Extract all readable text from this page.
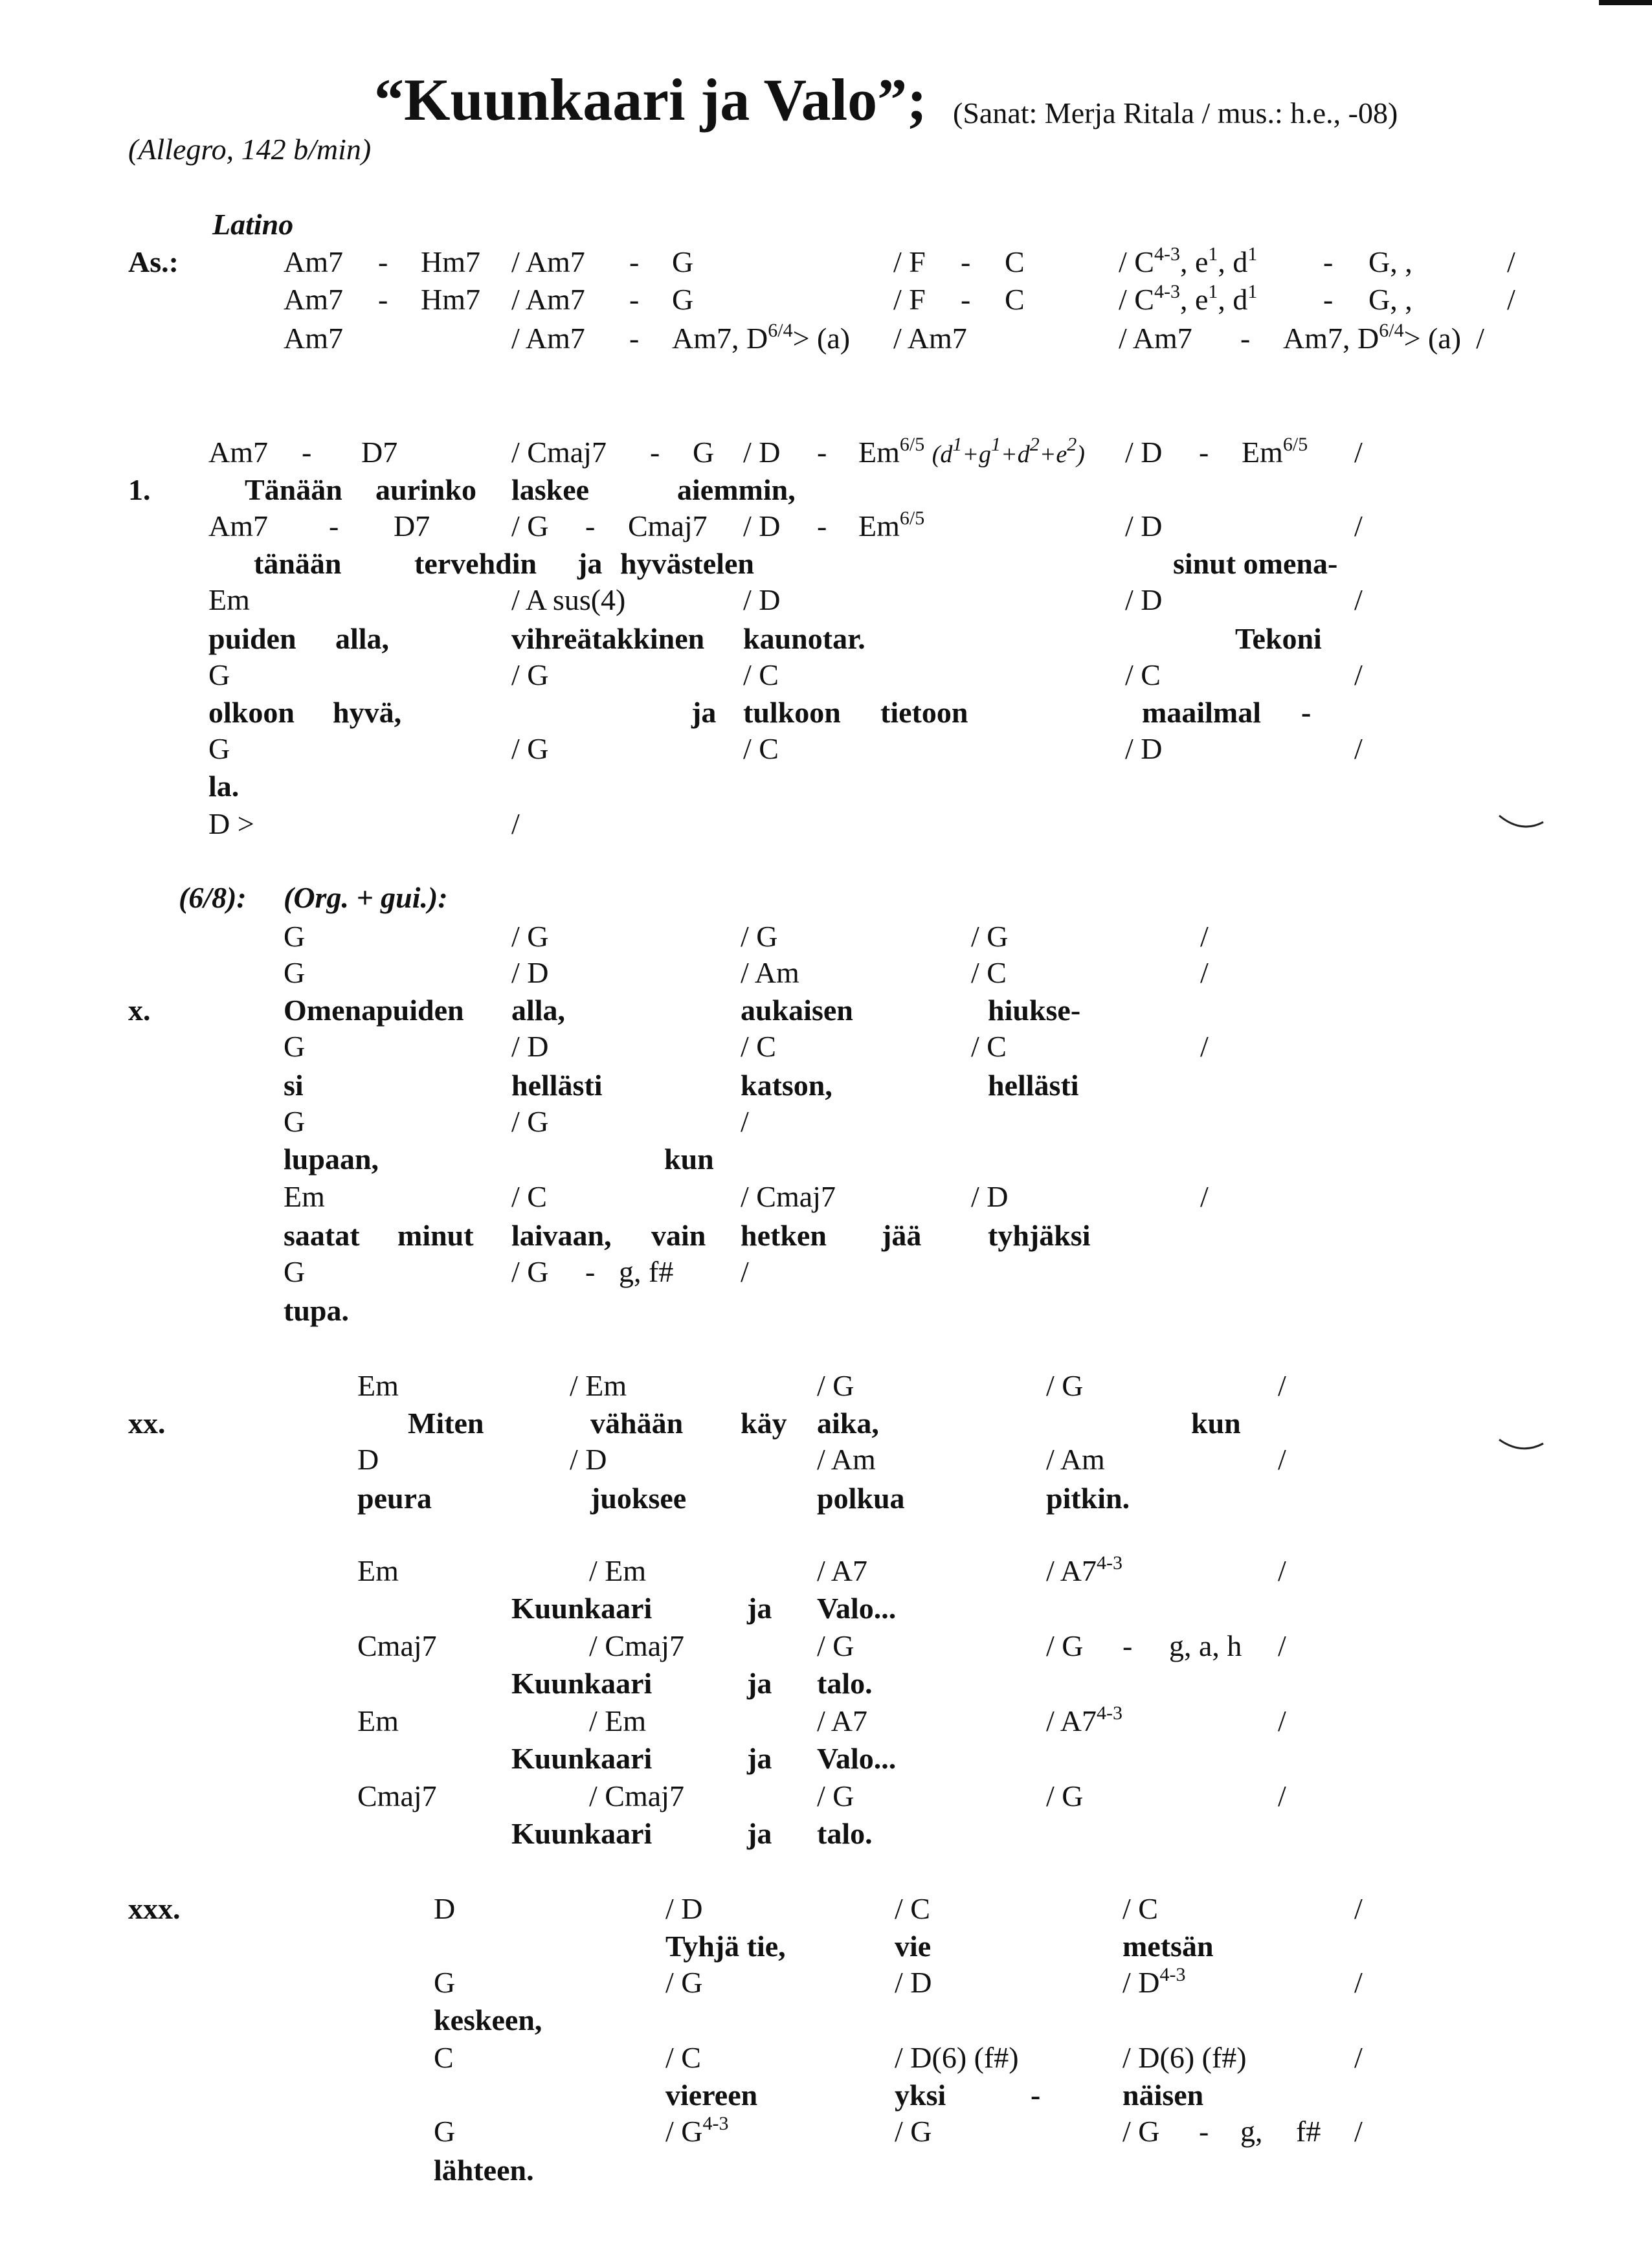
“Kuunkaari ja Valo”; (Sanat: Merja Ritala / mus.: h.e., -08)
(Allegro, 142 b/min)
Latino
As.:	Am7 - Hm7 / Am7 - G	/ F - C	/ $C^{4-3}$, $e^1$, $d^1$ - G, ,	/
Am7 - Hm7 / Am7 - G	/ F - C	/ $C^{4-3}$, $e^1$, $d^1$ - G, ,	/
Am7	/ Am7 - Am7, $D^{6/4}> (a) / Am7$	/ Am7 - Am7, $D^{6/4}> (a)$  /
Am7 - D7	/ Cmaj7 - G / D - $Em^{6/5}$ $(d^1+g^1+d^2+e^2) / D - Em^{6/5}$ /
1.	Tänään aurinko laskee	aiemmin,
Am7 - D7	/ G - Cmaj7 / D - $Em^{6/5}$	/ D	/
tänään tervehdin ja hyvästelen	sinut omena-
Em	/ A sus(4)	/ D	/ D	/
puiden alla,	vihreätakkinen kaunotar.	Tekoni
G	/ G	/ C	/ C	/
olkoon hyvä,	ja tulkoon tietoon	maailmal -
G	/ G	/ C	/ D	/
la.
D >	/
(6/8): (Org. + gui.):
G	/ G	/ G	/ G	/
G	/ D	/ Am	/ C	/
x.	Omenapuiden alla,	aukaisen	hiukse-
G	/ D	/ C	/ C	/
si	hellästi	katson,	hellästi
G	/ G	/
lupaan,	kun
Em	/ C	/ Cmaj7	/ D	/
saatat minut laivaan, vain hetken jää tyhjäksi
G	/ G - g, f# /
tupa.
Em	/ Em	/ G	/ G	/
xx.	Miten	vähään käy aika,	kun
D	/ D	/ Am	/ Am	/
peura	juoksee	polkua	pitkin.
Em	/ Em	/ A7	/ A7$^{4-3}$	/
Kuunkaari	ja Valo...
Cmaj7	/ Cmaj7	/ G	/ G - g, a, h /
Kuunkaari	ja talo.
Em	/ Em	/ A7	/ A7$^{4-3}$	/
Kuunkaari	ja Valo...
Cmaj7	/ Cmaj7	/ G	/ G	/
Kuunkaari	ja talo.
xxx.	D	/ D	/ C	/ C	/
Tyhjä tie,	vie	metsän
G	/ G	/ D	/ $D^{4-3}$	/
keskeen,
C	/ C	/ D(6) (f#)	/ D(6) (f#)	/
viereen	yksi	-	näisen
G	/ $G^{4-3}$	/ G	/ G - g, f# /
lähteen.
